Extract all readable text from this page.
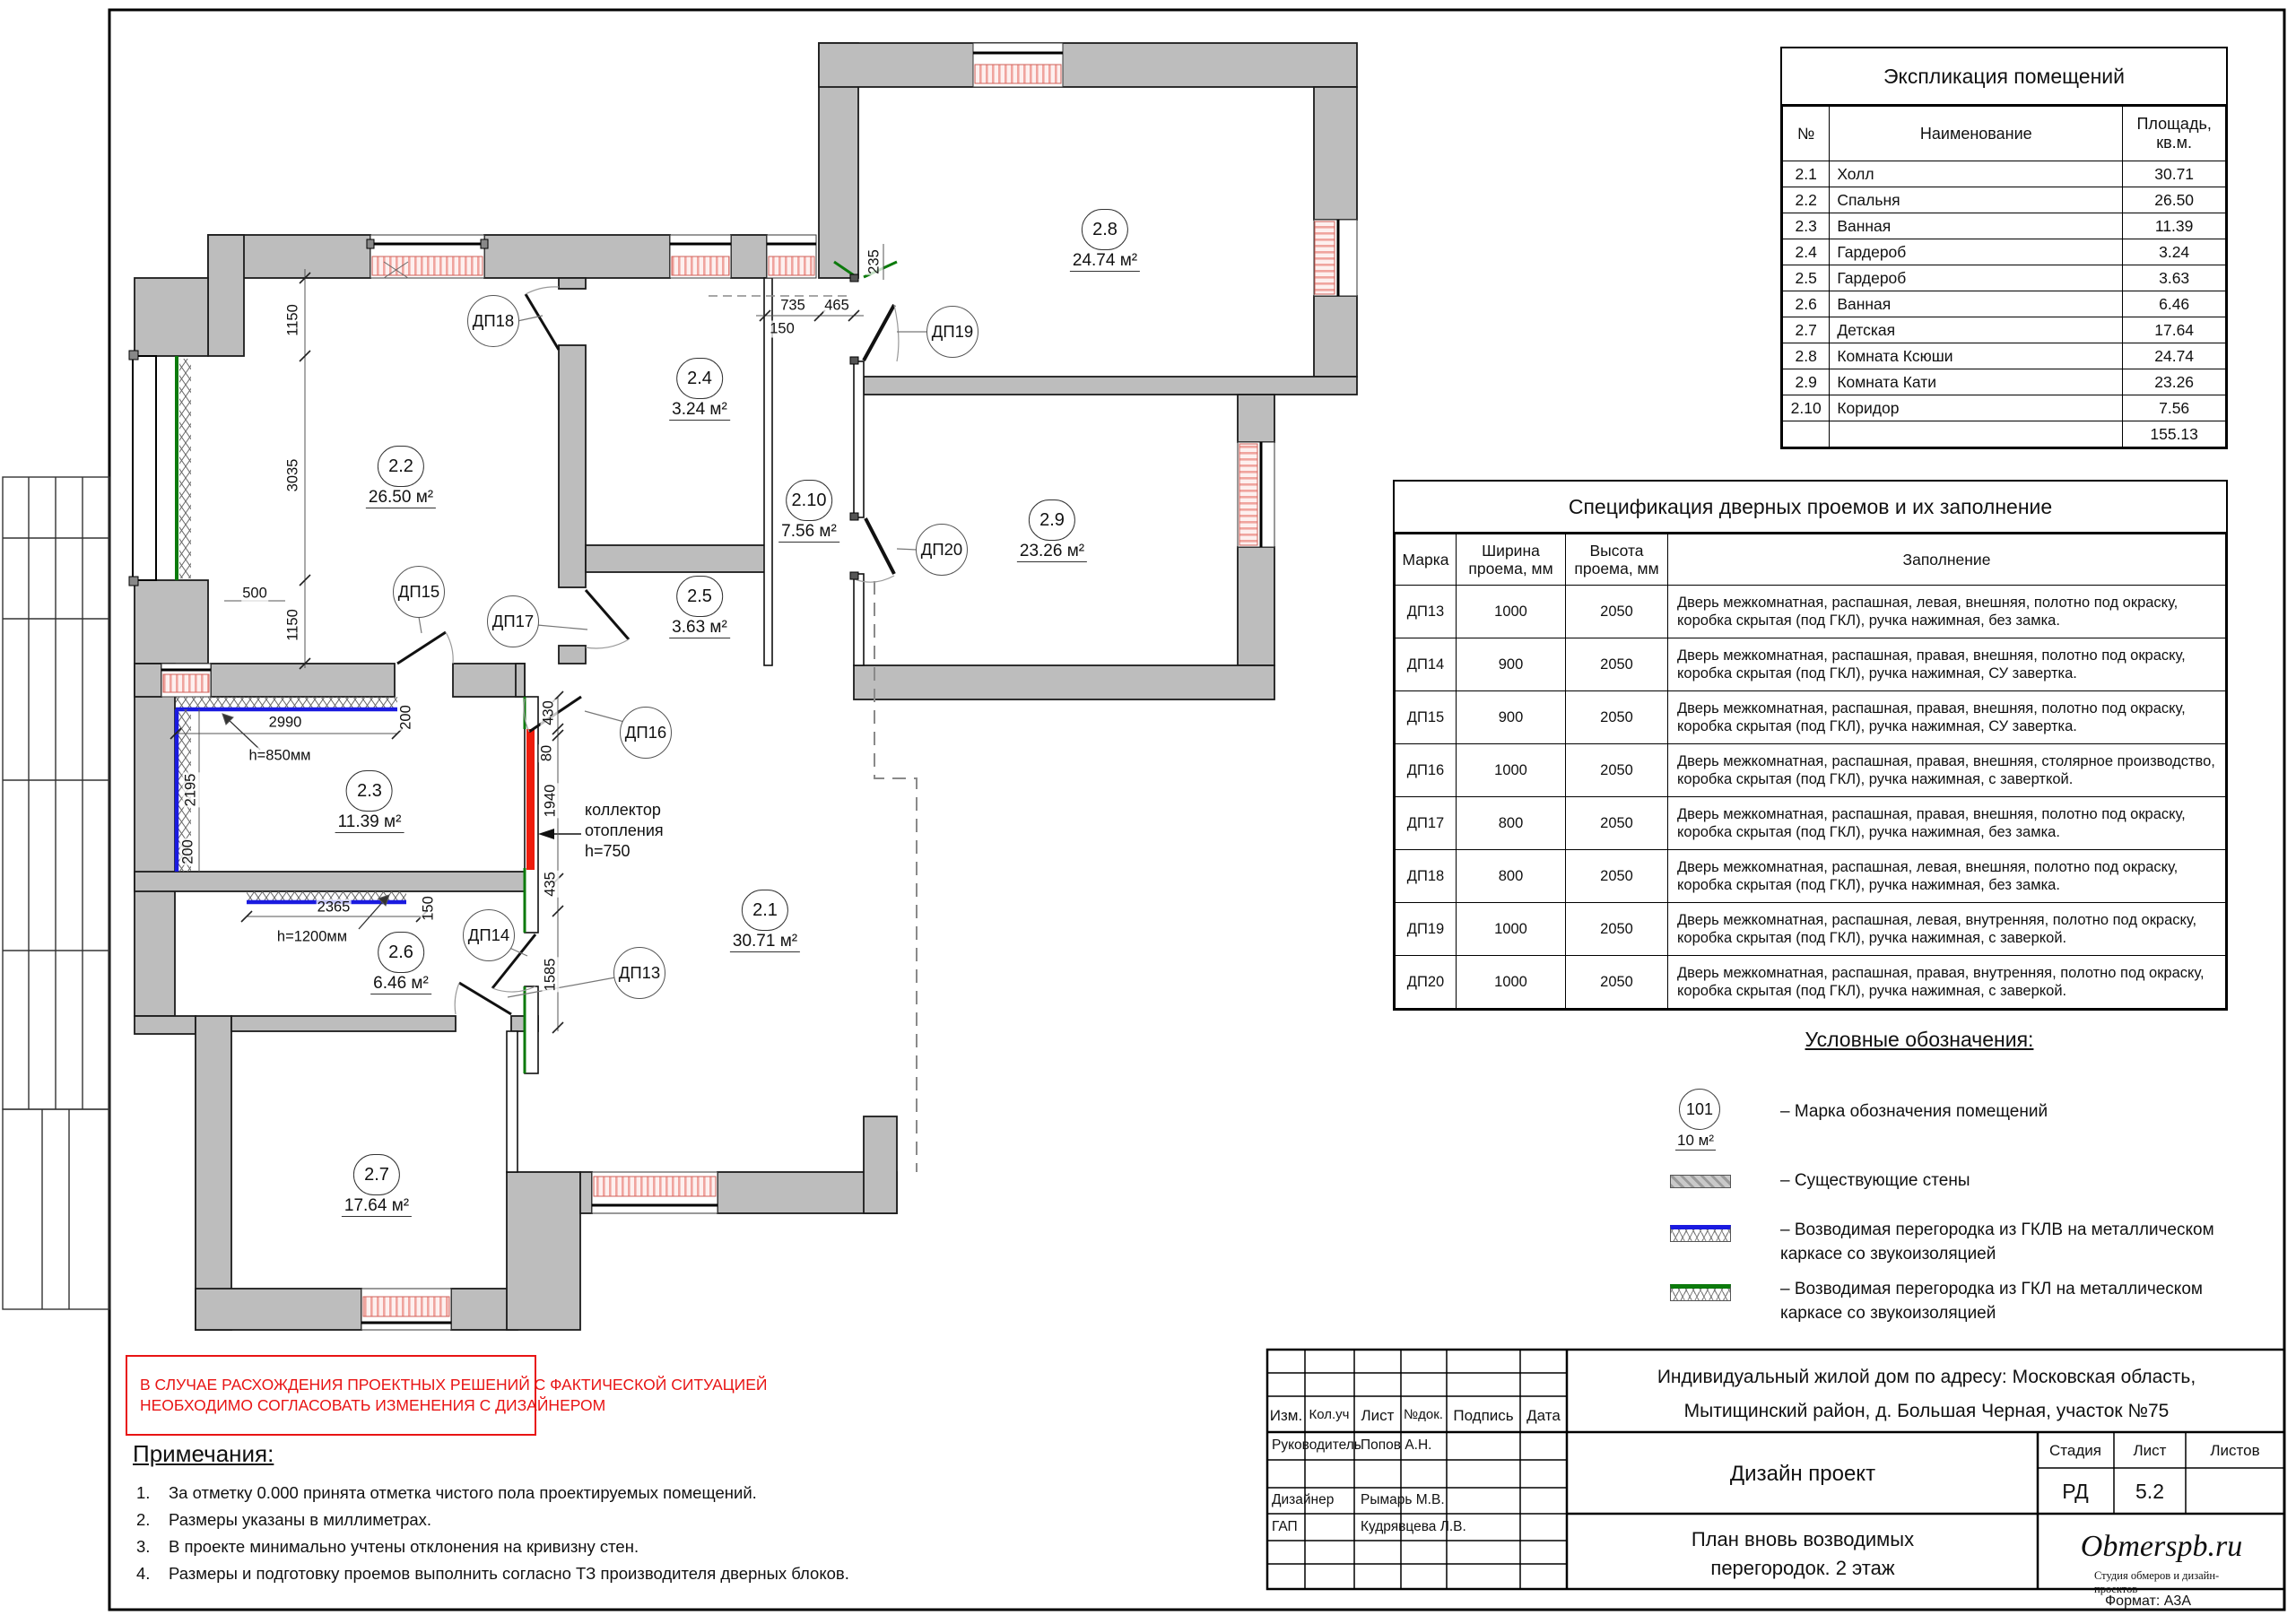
2.1
30.71 м²
2.2
26.50 м²
2.3
11.39 м²
2.4
3.24 м²
2.5
3.63 м²
2.6
6.46 м²
2.7
17.64 м²
2.8
24.74 м²
2.9
23.26 м²
2.10
7.56 м²
ДП13
ДП14
ДП15
ДП16
ДП17
ДП18
ДП19
ДП20
1150
3035
500
1150
2990	200
h=850мм
2195
200
2365	150
h=1200мм
430
80
1940
435
1585
735 465
150
235
коллектор
отопления
h=750
Экспликация помещений
№	Наименование	Площадь,
кв.м.
2.1	Холл	30.71
2.2	Спальня	26.50
2.3	Ванная	11.39
2.4	Гардероб	3.24
2.5	Гардероб	3.63
2.6	Ванная	6.46
2.7	Детская	17.64
2.8	Комната Ксюши	24.74
2.9	Комната Кати	23.26
2.10	Коридор	7.56
		155.13
Спецификация дверных проемов и их заполнение
Марка	Ширина проема, мм	Высота проема, мм	Заполнение
ДП13	1000	2050	Дверь межкомнатная, распашная, левая, внешняя, полотно под окраску, коробка скрытая (под ГКЛ), ручка нажимная, без замка.
ДП14	900	2050	Дверь межкомнатная, распашная, правая, внешняя, полотно под окраску, коробка скрытая (под ГКЛ), ручка нажимная, СУ завертка.
ДП15	900	2050	Дверь межкомнатная, распашная, правая, внешняя, полотно под окраску, коробка скрытая (под ГКЛ), ручка нажимная, СУ завертка.
ДП16	1000	2050	Дверь межкомнатная, распашная, правая, внешняя, столярное производство, коробка скрытая (под ГКЛ), ручка нажимная, с заверткой.
ДП17	800	2050	Дверь межкомнатная, распашная, правая, внешняя, полотно под окраску, коробка скрытая (под ГКЛ), ручка нажимная, без замка.
ДП18	800	2050	Дверь межкомнатная, распашная, левая, внешняя, полотно под окраску, коробка скрытая (под ГКЛ), ручка нажимная, без замка.
ДП19	1000	2050	Дверь межкомнатная, распашная, левая, внутренняя, полотно под окраску, коробка скрытая (под ГКЛ), ручка нажимная, с заверкой.
ДП20	1000	2050	Дверь межкомнатная, распашная, правая, внутренняя, полотно под окраску, коробка скрытая (под ГКЛ), ручка нажимная, с заверкой.
Условные обозначения:
101
10 м²
– Марка обозначения помещений
– Существующие стены
– Возводимая перегородка из ГКЛВ на металлическом
каркасе со звукоизоляцией
– Возводимая перегородка из ГКЛ на металлическом
каркасе со звукоизоляцией
В СЛУЧАЕ РАСХОЖДЕНИЯ ПРОЕКТНЫХ РЕШЕНИЙ С ФАКТИЧЕСКОЙ СИТУАЦИЕЙ
НЕОБХОДИМО СОГЛАСОВАТЬ ИЗМЕНЕНИЯ С ДИЗАЙНЕРОМ
Примечания:
1. За отметку 0.000 принята отметка чистого пола проектируемых помещений.
2. Размеры указаны в миллиметрах.
3. В проекте минимально учтены отклонения на кривизну стен.
4. Размеры и подготовку проемов выполнить согласно ТЗ производителя дверных блоков.
Изм. Кол.уч Лист №док. Подпись Дата
Руководитель Попов А.Н.
Дизайнер Рымарь М.В.
ГАП	Кудрявцева Л.В.
Индивидуальный жилой дом по адресу: Московская область,
Мытищинский район, д. Большая Черная, участок №75
Дизайн проект
Стадия Лист	Листов
РД 5.2
План вновь возводимых
перегородок. 2 этаж
Obmerspb.ru
Студия обмеров и дизайн-проектов
Формат: А3А
